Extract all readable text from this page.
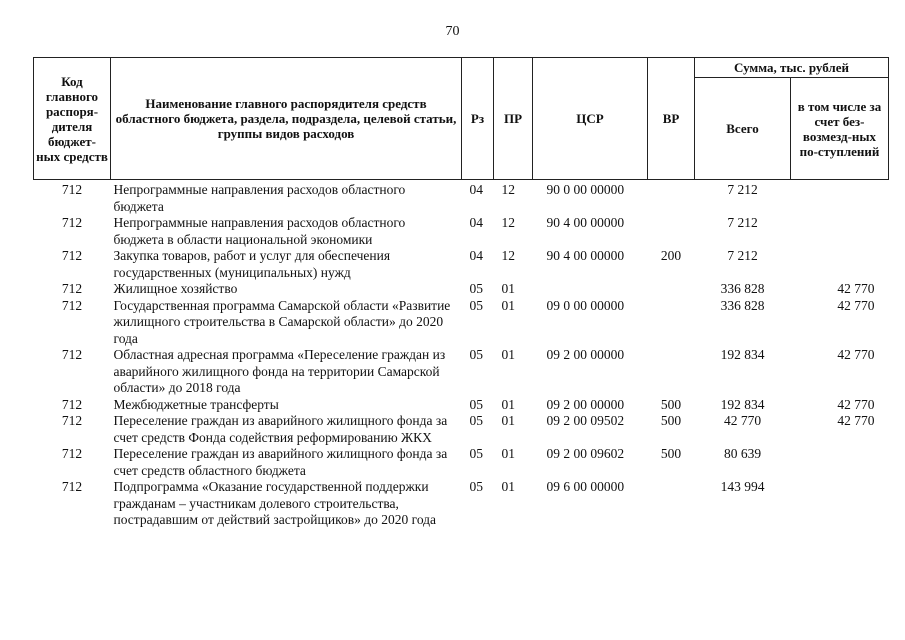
70
Код главного распоря-дителя бюджет-ных средств	Наименование главного распорядителя средств областного бюджета, раздела, подраздела, целевой статьи, группы видов расходов	Рз	ПР	ЦСР	ВР	Сумма, тыс. рублей	
						Всего	в том числе за счет без-возмезд-ных по-ступлений
712	Непрограммные направления расходов областного бюджета	04	12	90 0 00 00000		7 212	
712	Непрограммные направления расходов областного бюджета в области национальной экономики	04	12	90 4 00 00000		7 212	
712	Закупка товаров, работ и услуг для обеспечения государственных (муниципальных) нужд	04	12	90 4 00 00000	200	7 212	
712	Жилищное хозяйство	05	01			336 828	42 770
712	Государственная программа Самарской области «Развитие жилищного строительства в Самарской области» до 2020 года	05	01	09 0 00 00000		336 828	42 770
712	Областная адресная программа «Переселение граждан из аварийного жилищного фонда на территории Самарской области» до 2018 года	05	01	09 2 00 00000		192 834	42 770
712	Межбюджетные трансферты	05	01	09 2 00 00000	500	192 834	42 770
712	Переселение граждан из аварийного жилищного фонда за счет средств Фонда содействия реформированию ЖКХ	05	01	09 2 00 09502	500	42 770	42 770
712	Переселение граждан из аварийного жилищного фонда за счет средств областного бюджета	05	01	09 2 00 09602	500	80 639	
712	Подпрограмма «Оказание государственной поддержки гражданам – участникам долевого строительства, пострадавшим от действий застройщиков» до 2020 года	05	01	09 6 00 00000		143 994	
